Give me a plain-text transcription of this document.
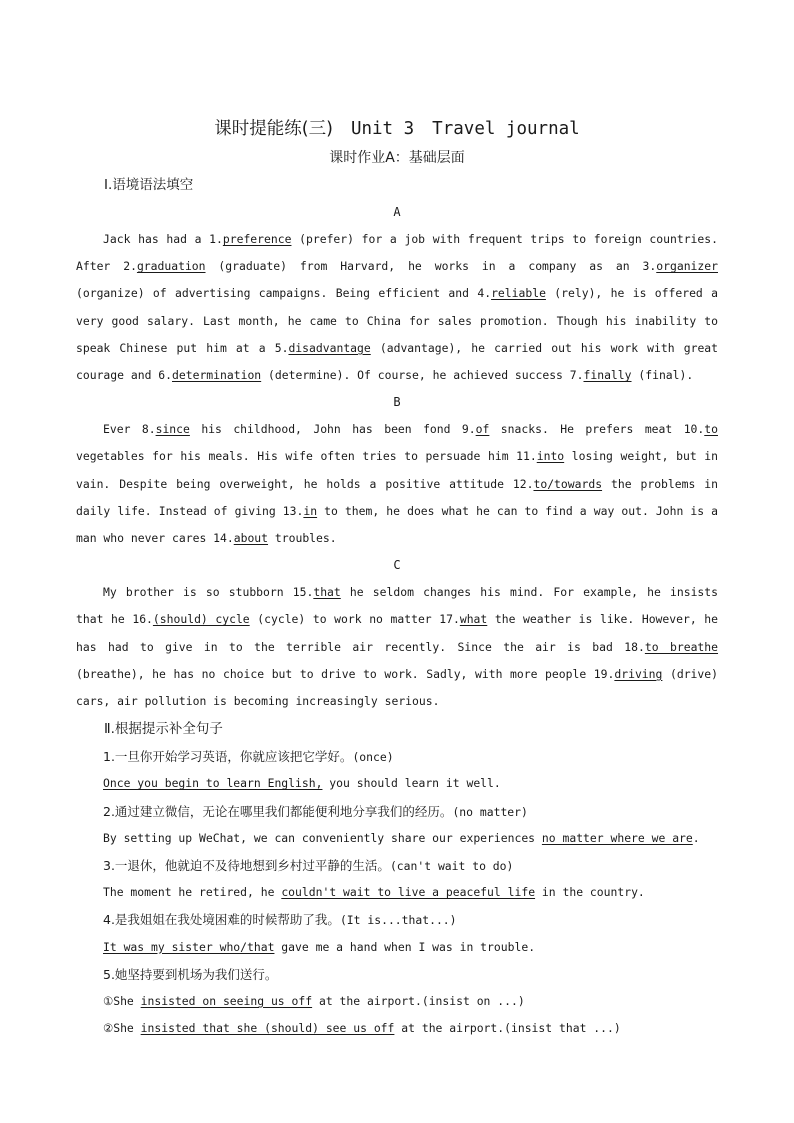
课时提能练(三) Unit 3 Travel journal
课时作业A：基础层面
Ⅰ.语境语法填空
A

Jack has had a 1.preference (prefer) for a job with frequent trips to foreign countries. After 2.graduation (graduate) from Harvard, he works in a company as an 3.organizer (organize) of advertising campaigns. Being efficient and 4.reliable (rely), he is offered a very good salary. Last month, he came to China for sales promotion. Though his inability to speak Chinese put him at a 5.disadvantage (advantage), he carried out his work with great courage and 6.determination (determine). Of course, he achieved success 7.finally (final).

B

Ever 8.since his childhood, John has been fond 9.of snacks. He prefers meat 10.to vegetables for his meals. His wife often tries to persuade him 11.into losing weight, but in vain. Despite being overweight, he holds a positive attitude 12.to/towards the problems in daily life. Instead of giving 13.in to them, he does what he can to find a way out. John is a man who never cares 14.about troubles.

C

My brother is so stubborn 15.that he seldom changes his mind. For example, he insists that he 16.(should) cycle (cycle) to work no matter 17.what the weather is like. However, he has had to give in to the terrible air recently. Since the air is bad 18.to breathe (breathe), he has no choice but to drive to work. Sadly, with more people 19.driving (drive) cars, air pollution is becoming increasingly serious.

Ⅱ.根据提示补全句子
1.一旦你开始学习英语，你就应该把它学好。(once)
Once you begin to learn English, you should learn it well.
2.通过建立微信，无论在哪里我们都能便利地分享我们的经历。(no matter)
By setting up WeChat, we can conveniently share our experiences no matter where we are.
3.一退休，他就迫不及待地想到乡村过平静的生活。(can't wait to do)
The moment he retired, he couldn't wait to live a peaceful life in the country.
4.是我姐姐在我处境困难的时候帮助了我。(It is...that...)
It was my sister who/that gave me a hand when I was in trouble.
5.她坚持要到机场为我们送行。
①She insisted on seeing us off at the airport.(insist on ...)
②She insisted that she (should) see us off at the airport.(insist that ...)
